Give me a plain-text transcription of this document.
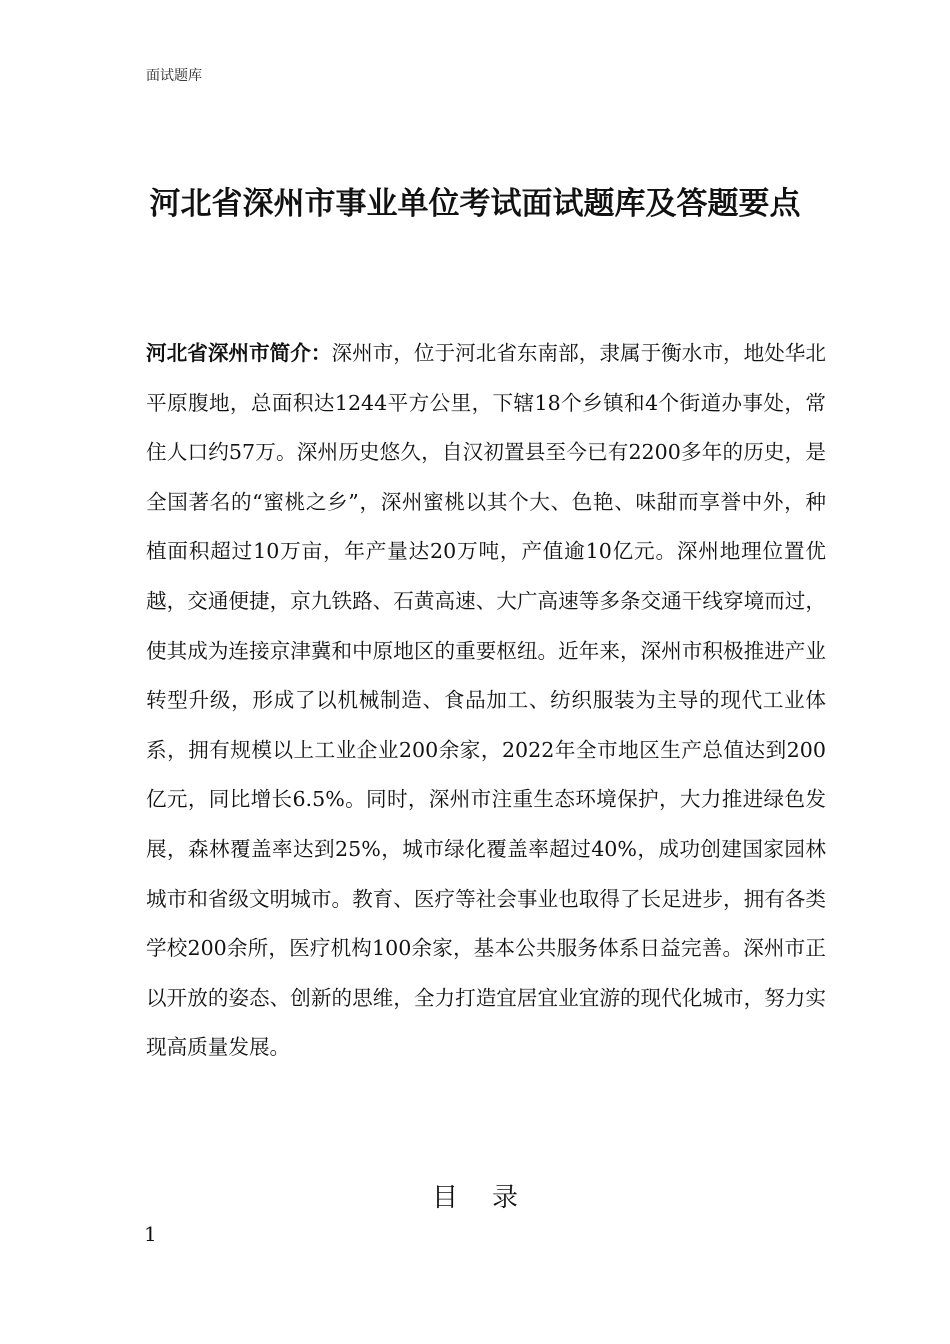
面试题库
河北省深州市事业单位考试面试题库及答题要点
河北省深州市简介：深州市，位于河北省东南部，隶属于衡水市，地处华北平原腹地，总面积达1244平方公里，下辖18个乡镇和4个街道办事处，常住人口约57万。深州历史悠久，自汉初置县至今已有2200多年的历史，是全国著名的“蜜桃之乡”，深州蜜桃以其个大、色艳、味甜而享誉中外，种植面积超过10万亩，年产量达20万吨，产值逾10亿元。深州地理位置优越，交通便捷，京九铁路、石黄高速、大广高速等多条交通干线穿境而过，使其成为连接京津冀和中原地区的重要枢纽。近年来，深州市积极推进产业转型升级，形成了以机械制造、食品加工、纺织服装为主导的现代工业体系，拥有规模以上工业企业200余家，2022年全市地区生产总值达到200亿元，同比增长6.5%。同时，深州市注重生态环境保护，大力推进绿色发展，森林覆盖率达到25%，城市绿化覆盖率超过40%，成功创建国家园林城市和省级文明城市。教育、医疗等社会事业也取得了长足进步，拥有各类学校200余所，医疗机构100余家，基本公共服务体系日益完善。深州市正以开放的姿态、创新的思维，全力打造宜居宜业宜游的现代化城市，努力实现高质量发展。
目录
1
